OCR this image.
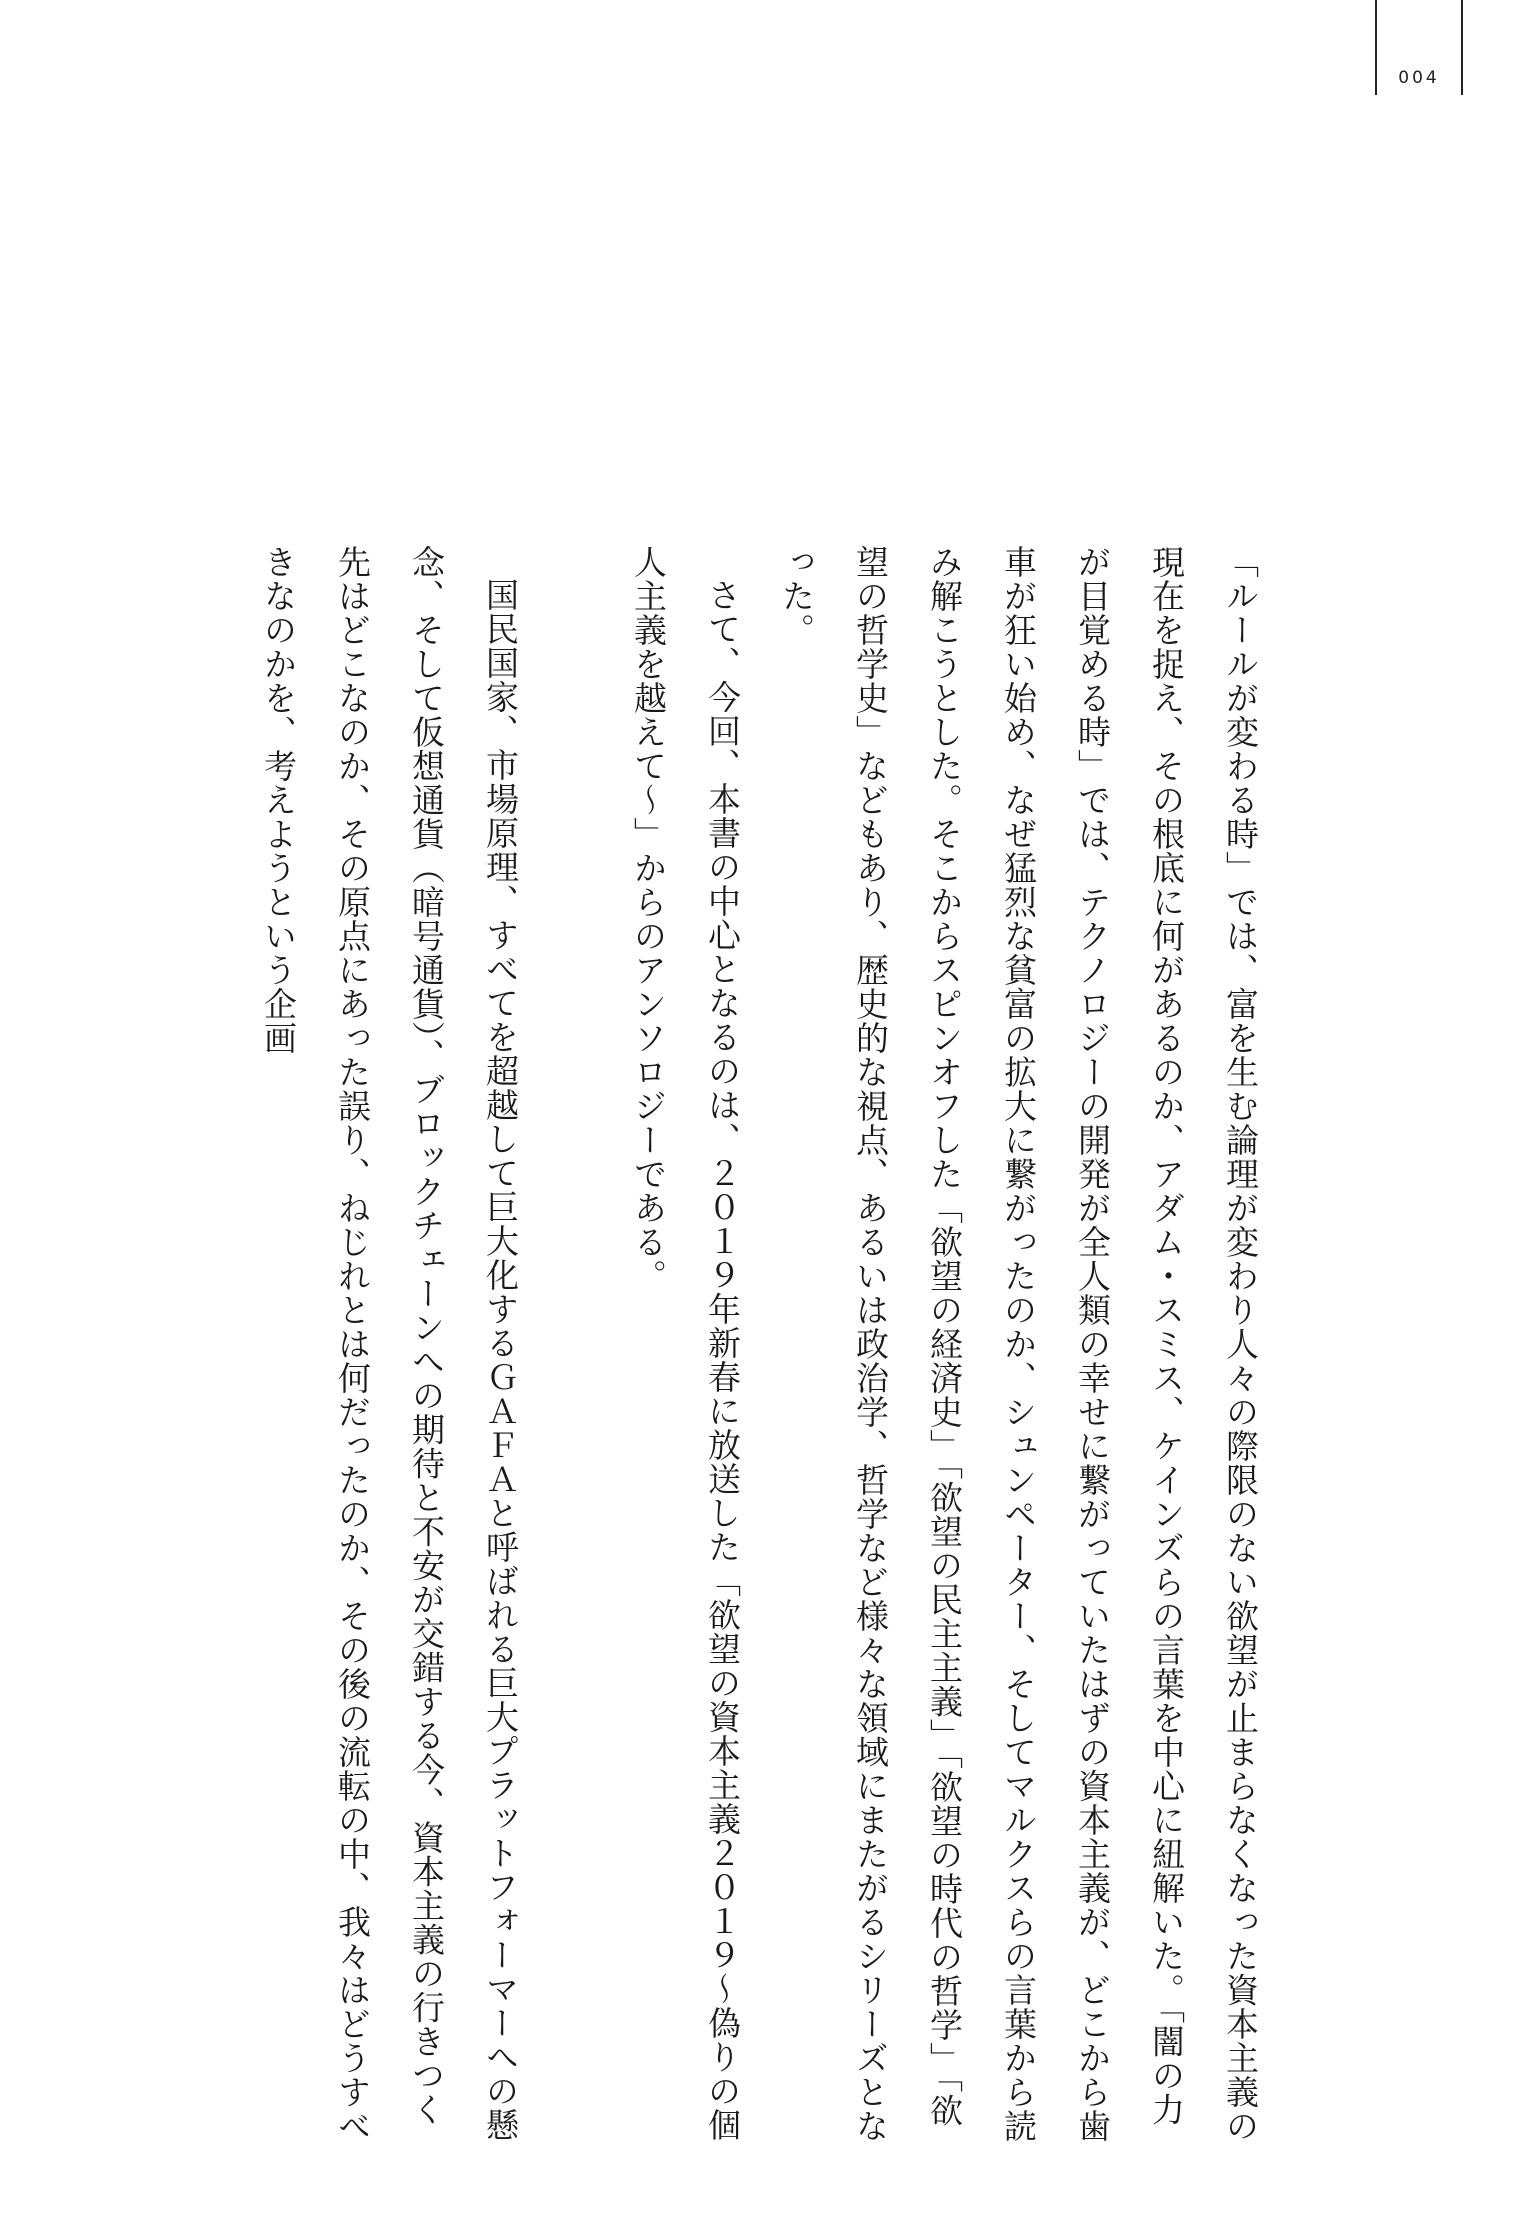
004

「ルールが変わる時」では、富を生む論理が変わり人々の際限のない欲望が止まらなくなった資本主義の現在を捉え、その根底に何があるのか、アダム・スミス、ケインズらの言葉を中心に紐解いた。「闇の力が目覚める時」では、テクノロジーの開発が全人類の幸せに繋がっていたはずの資本主義が、どこから歯車が狂い始め、なぜ猛烈な貧富の拡大に繋がったのか、シュンペーター、そしてマルクスらの言葉から読み解こうとした。そこからスピンオフした「欲望の経済史」「欲望の民主主義」「欲望の時代の哲学」「欲望の哲学史」などもあり、歴史的な視点、あるいは政治学、哲学など様々な領域にまたがるシリーズとなった。

さて、今回、本書の中心となるのは、２０１９年新春に放送した「欲望の資本主義２０１９～偽りの個人主義を越えて～」からのアンソロジーである。

国民国家、市場原理、すべてを超越して巨大化するＧＡＦＡと呼ばれる巨大プラットフォーマーへの懸念、そして仮想通貨（暗号通貨）、ブロックチェーンへの期待と不安が交錯する今、資本主義の行きつく先はどこなのか、その原点にあった誤り、ねじれとは何だったのか、その後の流転の中、我々はどうすべきなのかを、考えようという企画
